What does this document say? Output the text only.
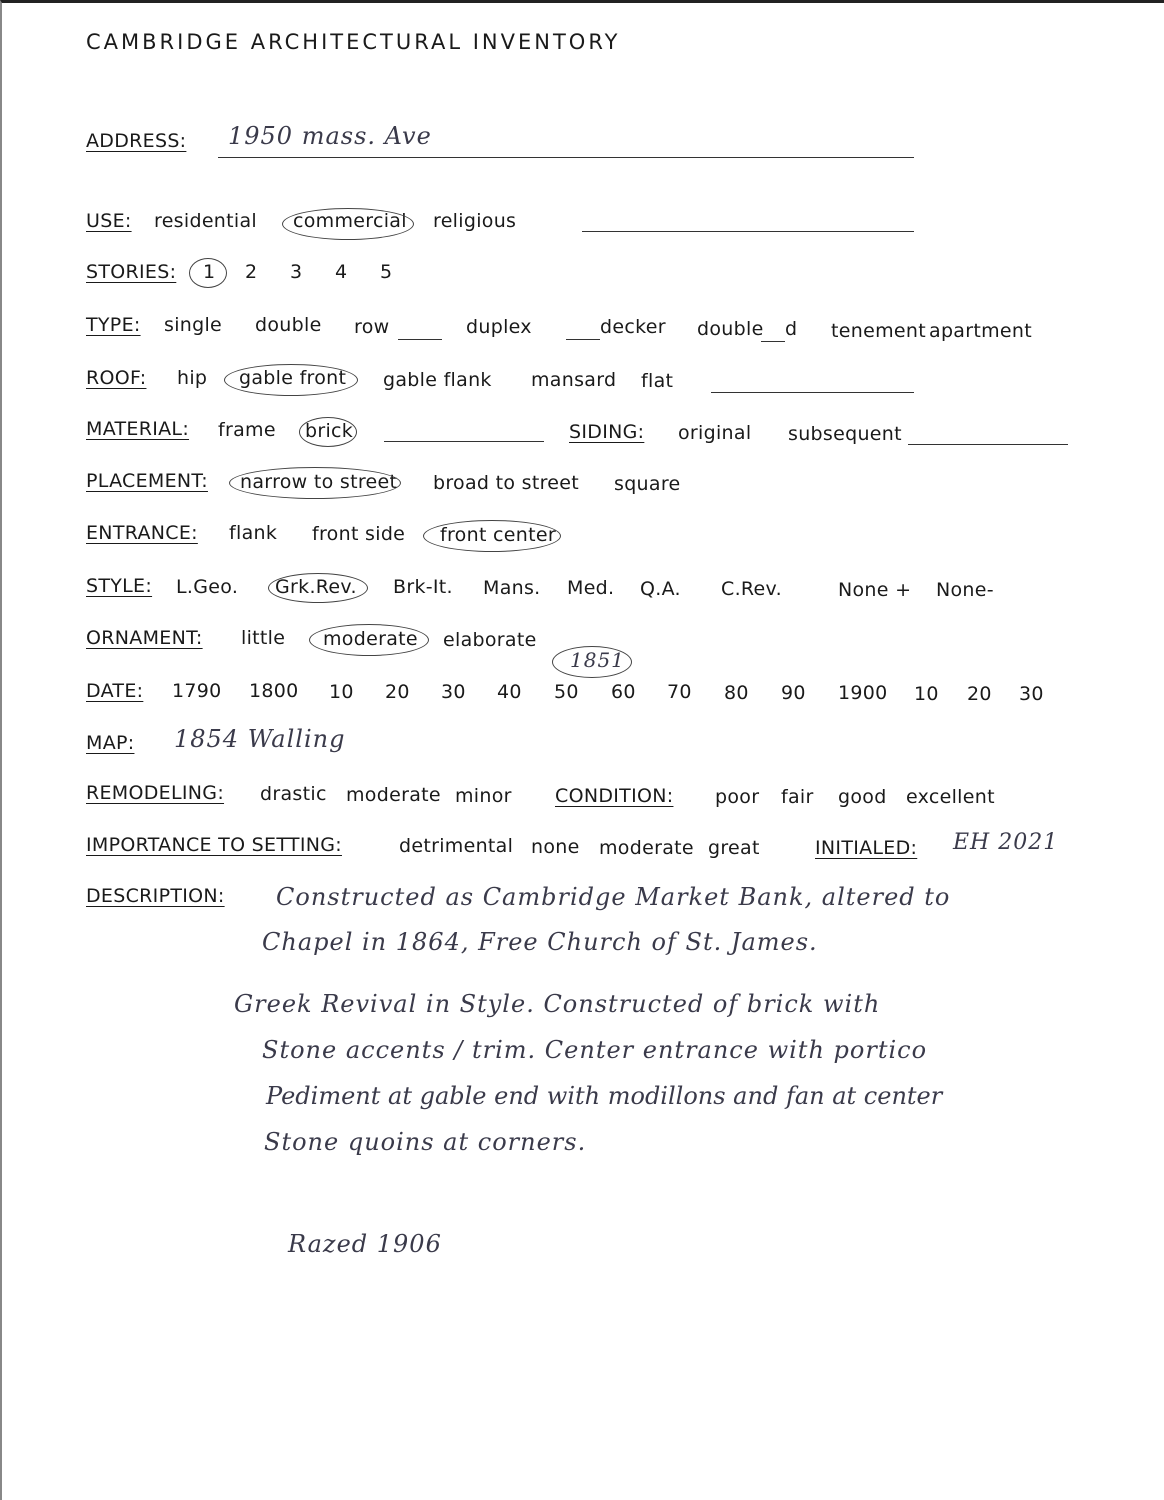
CAMBRIDGE ARCHITECTURAL INVENTORY
ADDRESS: 1950 mass. Ave
USE: residential commercial religious
STORIES: 1 2 3 4 5
TYPE: single double row	duplex	decker double d tenement apartment
ROOF: hip gable front gable flank mansard flat
MATERIAL: frame brick	SIDING: original subsequent
PLACEMENT: narrow to street broad to street square
ENTRANCE: flank front side front center
STYLE: L.Geo. Grk.Rev. Brk-It. Mans. Med. Q.A. C.Rev.	None + None-
ORNAMENT: little moderate elaborate
1851
DATE: 1790 1800 10 20 30 40 50 60 70 80 90 1900 10 20 30
MAP: 1854 Walling
REMODELING: drastic moderate minor CONDITION: poor fair good excellent
IMPORTANCE TO SETTING:	detrimental none moderate great	INITIALED: EH 2021
DESCRIPTION: Constructed as Cambridge Market Bank, altered to
Chapel in 1864, Free Church of St. James.
Greek Revival in Style. Constructed of brick with
Stone accents / trim. Center entrance with portico
Pediment at gable end with modillons and fan at center
Stone quoins at corners.
Razed 1906
